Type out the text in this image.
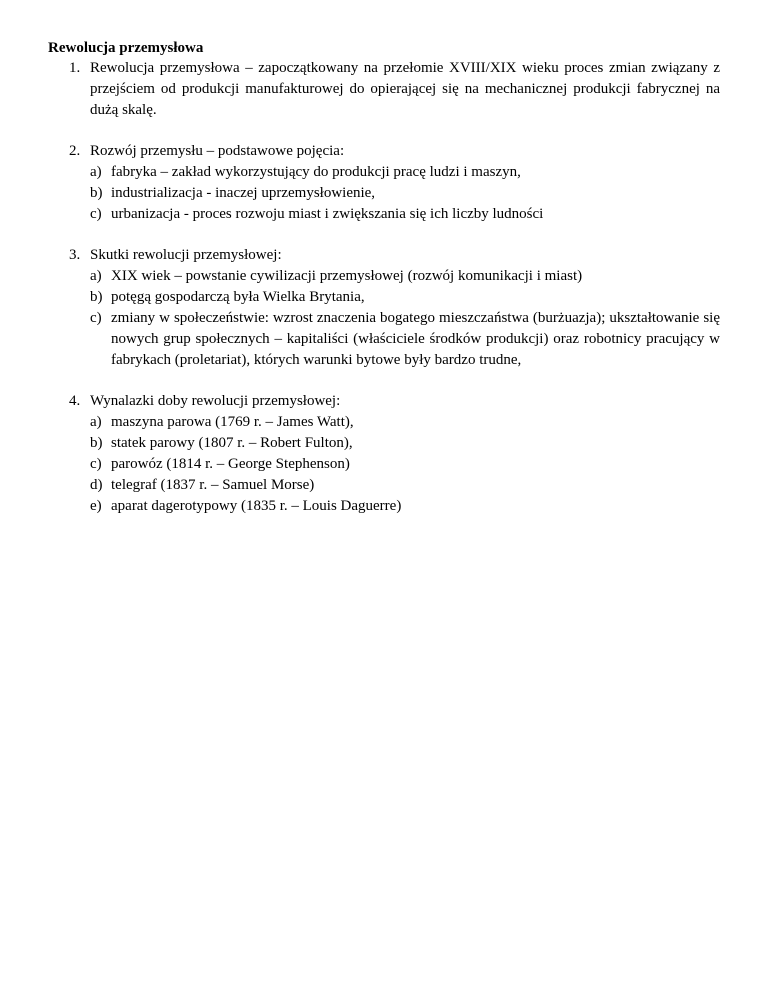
Rewolucja przemysłowa
1. Rewolucja przemysłowa – zapoczątkowany na przełomie XVIII/XIX wieku proces zmian związany z przejściem od produkcji manufakturowej do opierającej się na mechanicznej produkcji fabrycznej na dużą skalę.
2. Rozwój przemysłu – podstawowe pojęcia:
a) fabryka – zakład wykorzystujący do produkcji pracę ludzi i maszyn,
b) industrializacja - inaczej uprzemysłowienie,
c) urbanizacja - proces rozwoju miast i zwiększania się ich liczby ludności
3. Skutki rewolucji przemysłowej:
a) XIX wiek – powstanie cywilizacji przemysłowej (rozwój komunikacji i miast)
b) potęgą gospodarczą była Wielka Brytania,
c) zmiany w społeczeństwie: wzrost znaczenia bogatego mieszczaństwa (burżuazja); ukształtowanie się nowych grup społecznych – kapitaliści (właściciele środków produkcji) oraz robotnicy pracujący w fabrykach (proletariat), których warunki bytowe były bardzo trudne,
4. Wynalazki doby rewolucji przemysłowej:
a) maszyna parowa (1769 r. – James Watt),
b) statek parowy (1807 r. – Robert Fulton),
c) parowóz (1814 r. – George Stephenson)
d) telegraf (1837 r. – Samuel Morse)
e) aparat dagerotypowy (1835 r. – Louis Daguerre)
